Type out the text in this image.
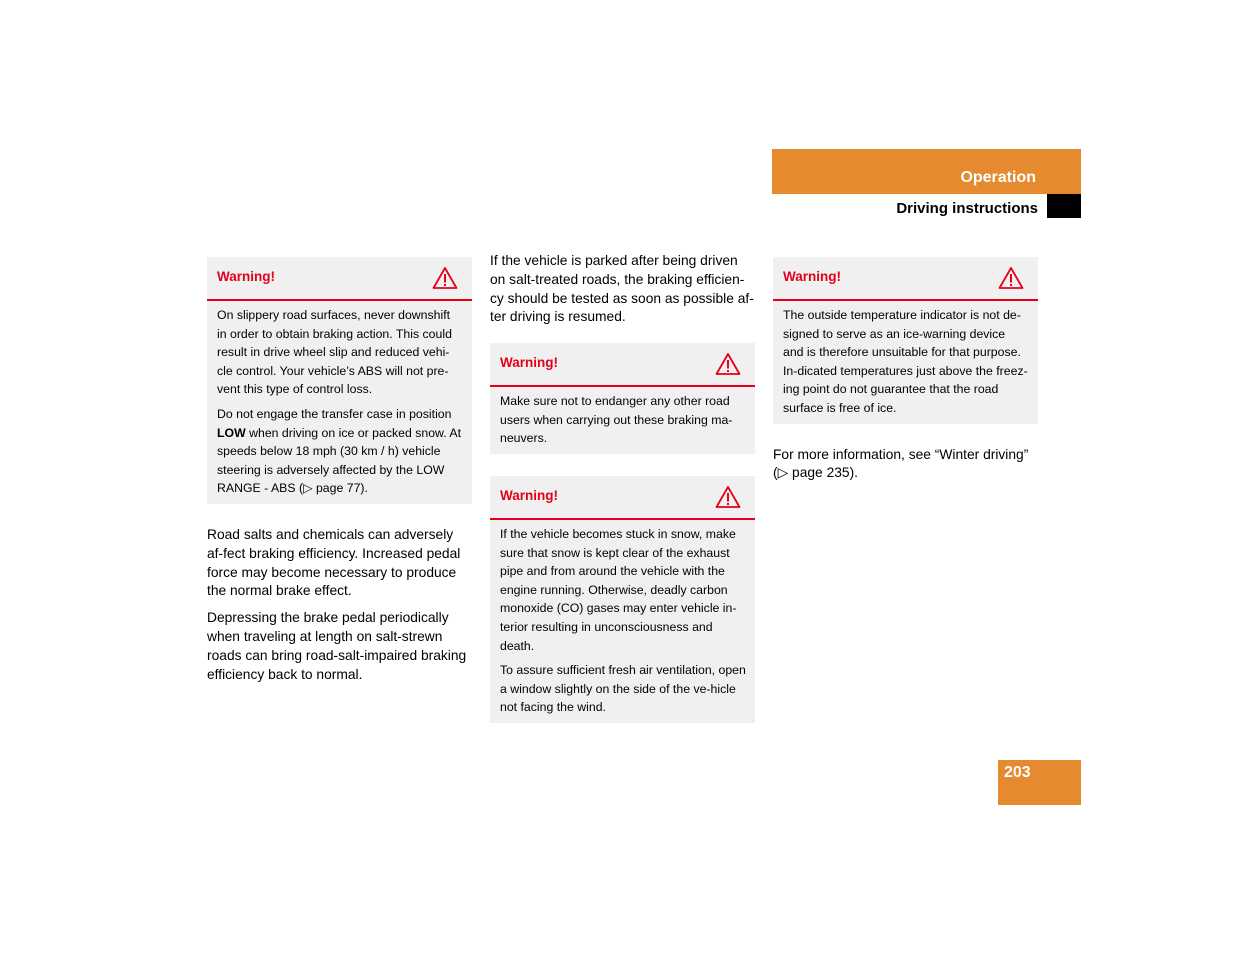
Operation
Driving instructions
Warning!

On slippery road surfaces, never downshift in order to obtain braking action. This could result in drive wheel slip and reduced vehi-cle control. Your vehicle’s ABS will not pre-vent this type of control loss.

Do not engage the transfer case in position LOW when driving on ice or packed snow. At speeds below 18 mph (30 km / h) vehicle steering is adversely affected by the LOW RANGE - ABS (▷ page 77).

Road salts and chemicals can adversely af-fect braking efficiency. Increased pedal force may become necessary to produce the normal brake effect.

Depressing the brake pedal periodically when traveling at length on salt-strewn roads can bring road-salt-impaired braking efficiency back to normal.

If the vehicle is parked after being driven on salt-treated roads, the braking efficien-cy should be tested as soon as possible af-ter driving is resumed.

Warning!

Make sure not to endanger any other road users when carrying out these braking ma-neuvers.

Warning!

If the vehicle becomes stuck in snow, make sure that snow is kept clear of the exhaust pipe and from around the vehicle with the engine running. Otherwise, deadly carbon monoxide (CO) gases may enter vehicle in-terior resulting in unconsciousness and death.

To assure sufficient fresh air ventilation, open a window slightly on the side of the ve-hicle not facing the wind.

Warning!

The outside temperature indicator is not de-signed to serve as an ice-warning device and is therefore unsuitable for that purpose. In-dicated temperatures just above the freez-ing point do not guarantee that the road surface is free of ice.

For more information, see “Winter driving” (▷ page 235).

203
